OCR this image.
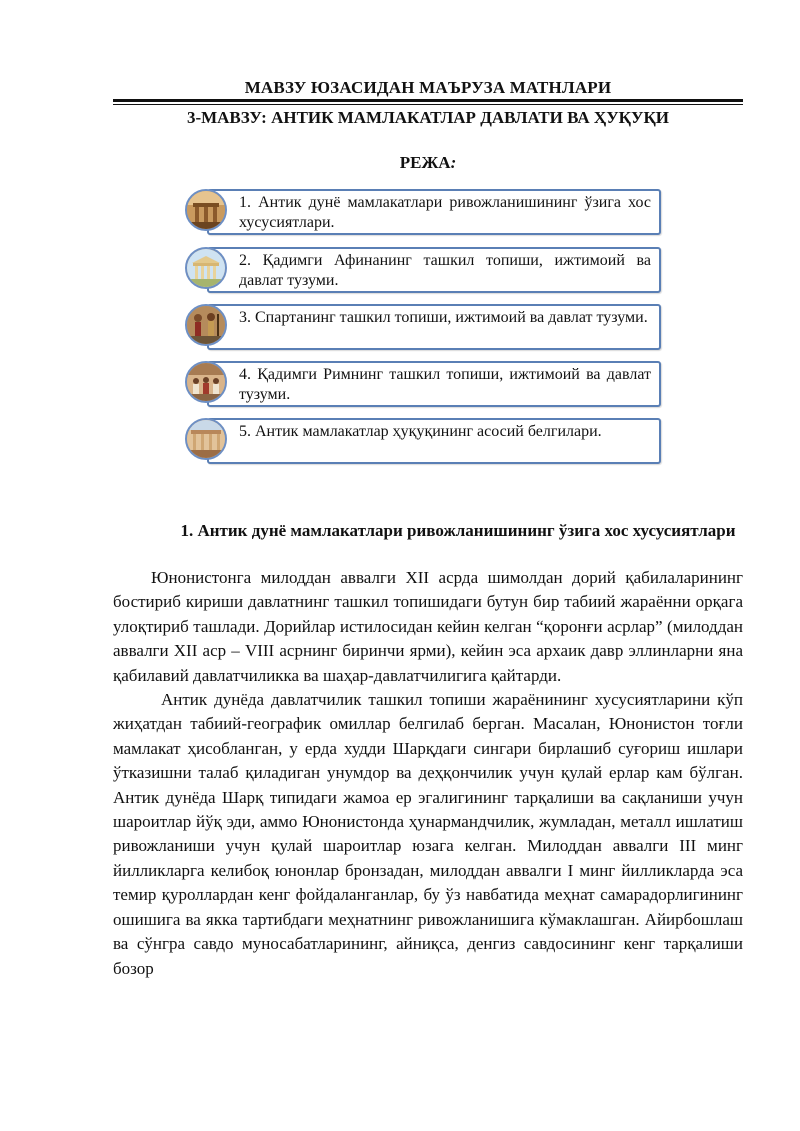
МАВЗУ ЮЗАСИДАН МАЪРУЗА МАТНЛАРИ
3-МАВЗУ: АНТИК МАМЛАКАТЛАР ДАВЛАТИ ВА ҲУҚУҚИ
РЕЖА:
1. Антик дунё мамлакатлари ривожланишининг ўзига хос хусусиятлари.
2. Қадимги Афинанинг ташкил топиши, ижтимоий ва давлат тузуми.
3. Спартанинг ташкил топиши, ижтимоий ва давлат тузуми.
4. Қадимги Римнинг ташкил топиши, ижтимоий ва давлат тузуми.
5. Антик мамлакатлар ҳуқуқининг асосий белгилари.
1. Антик дунё мамлакатлари ривожланишининг ўзига хос хусусиятлари

Юнонистонга милоддан аввалги XII асрда шимолдан дорий қабилаларининг бостириб кириши давлатнинг ташкил топишидаги бутун бир табиий жараённи орқага улоқтириб ташлади. Дорийлар истилосидан кейин келган “қоронғи асрлар” (милоддан аввалги XII аср – VIII асрнинг биринчи ярми), кейин эса архаик давр эллинларни яна қабилавий давлатчиликка ва шаҳар-давлатчилигига қайтарди.

Антик дунёда давлатчилик ташкил топиши жараёнининг хусусиятларини кўп жиҳатдан табиий-географик омиллар белгилаб берган. Масалан, Юнонистон тоғли мамлакат ҳисобланган, у ерда худди Шарқдаги сингари бирлашиб суғориш ишлари ўтказишни талаб қиладиган унумдор ва деҳқончилик учун қулай ерлар кам бўлган. Антик дунёда Шарқ типидаги жамоа ер эгалигининг тарқалиши ва сақланиши учун шароитлар йўқ эди, аммо Юнонистонда ҳунармандчилик, жумладан, металл ишлатиш ривожланиши учун қулай шароитлар юзага келган. Милоддан аввалги III минг йилликларга келибоқ юнонлар бронзадан, милоддан аввалги I минг йилликларда эса темир қуроллардан кенг фойдаланганлар, бу ўз навбатида меҳнат самарадорлигининг ошишига ва якка тартибдаги меҳнатнинг ривожланишига кўмаклашган. Айирбошлаш ва сўнгра савдо муносабатларининг, айниқса, денгиз савдосининг кенг тарқалиши бозор
